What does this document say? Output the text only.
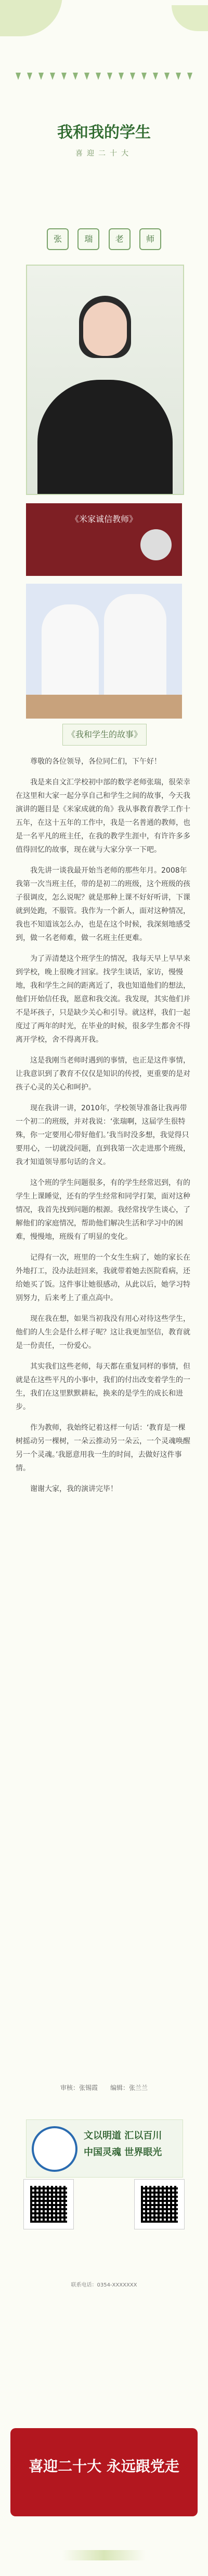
我和我的学生
喜迎二十大
张	瑞	老	师
《米家诚信教师》
《我和学生的故事》

尊敬的各位领导，各位同仁们，下午好！

我是来自文汇学校初中部的数学老师张瑞，很荣幸在这里和大家一起分享自己和学生之间的故事，今天我演讲的题目是《米家成就的角》我从事教育教学工作十五年，在这十五年的工作中，我是一名普通的教师，也是一名平凡的班主任，在我的教学生涯中，有许许多多值得回忆的故事，现在就与大家分享一下吧。

我先讲一谈我最开始当老师的那些年月。2008年我第一次当班主任，带的是初二的班级，这个班级的孩子很调皮，怎么说呢？就是那种上课不好好听讲，下课就到处跑，不服管。我作为一个新人，面对这种情况，我也不知道该怎么办，也是在这个时候，我深刻地感受到，做一名老师难，做一名班主任更难。

为了弄清楚这个班学生的情况，我每天早上早早来到学校，晚上很晚才回家。找学生谈话，家访，慢慢地，我和学生之间的距离近了，我也知道他们的想法，他们开始信任我，愿意和我交流。我发现，其实他们并不是坏孩子，只是缺少关心和引导。就这样，我们一起度过了两年的时光，在毕业的时候，很多学生都舍不得离开学校，舍不得离开我。

这是我刚当老师时遇到的事情，也正是这件事情，让我意识到了教育不仅仅是知识的传授，更重要的是对孩子心灵的关心和呵护。

现在我讲一讲，2010年，学校领导准备让我再带一个初二的班级，并对我说：‘张瑞啊，这届学生很特殊，你一定要用心带好他们。’我当时没多想，我觉得只要用心，一切就没问题，直到我第一次走进那个班级，我才知道领导那句话的含义。

这个班的学生问题很多，有的学生经常迟到，有的学生上课睡觉，还有的学生经常和同学打架，面对这种情况，我首先找到问题的根源。我经常找学生谈心，了解他们的家庭情况，帮助他们解决生活和学习中的困难，慢慢地，班级有了明显的变化。

记得有一次，班里的一个女生生病了，她的家长在外地打工，没办法赶回来，我就带着她去医院看病，还给她买了饭。这件事让她很感动，从此以后，她学习特别努力，后来考上了重点高中。

现在我在想，如果当初我没有用心对待这些学生，他们的人生会是什么样子呢？这让我更加坚信，教育就是一份责任，一份爱心。

其实我们这些老师，每天都在重复同样的事情，但就是在这些平凡的小事中，我们的付出改变着学生的一生，我们在这里默默耕耘，换来的是学生的成长和进步。

作为教师，我始终记着这样一句话：‘教育是一棵树摇动另一棵树，一朵云推动另一朵云，一个灵魂唤醒另一个灵魂。’我愿意用我一生的时间，去做好这件事情。

谢谢大家，我的演讲完毕！

审核：张锡霞　　编辑：张兰兰
文以明道 汇以百川
中国灵魂 世界眼光
联系电话：0354-XXXXXXX
喜迎二十大 永远跟党走
